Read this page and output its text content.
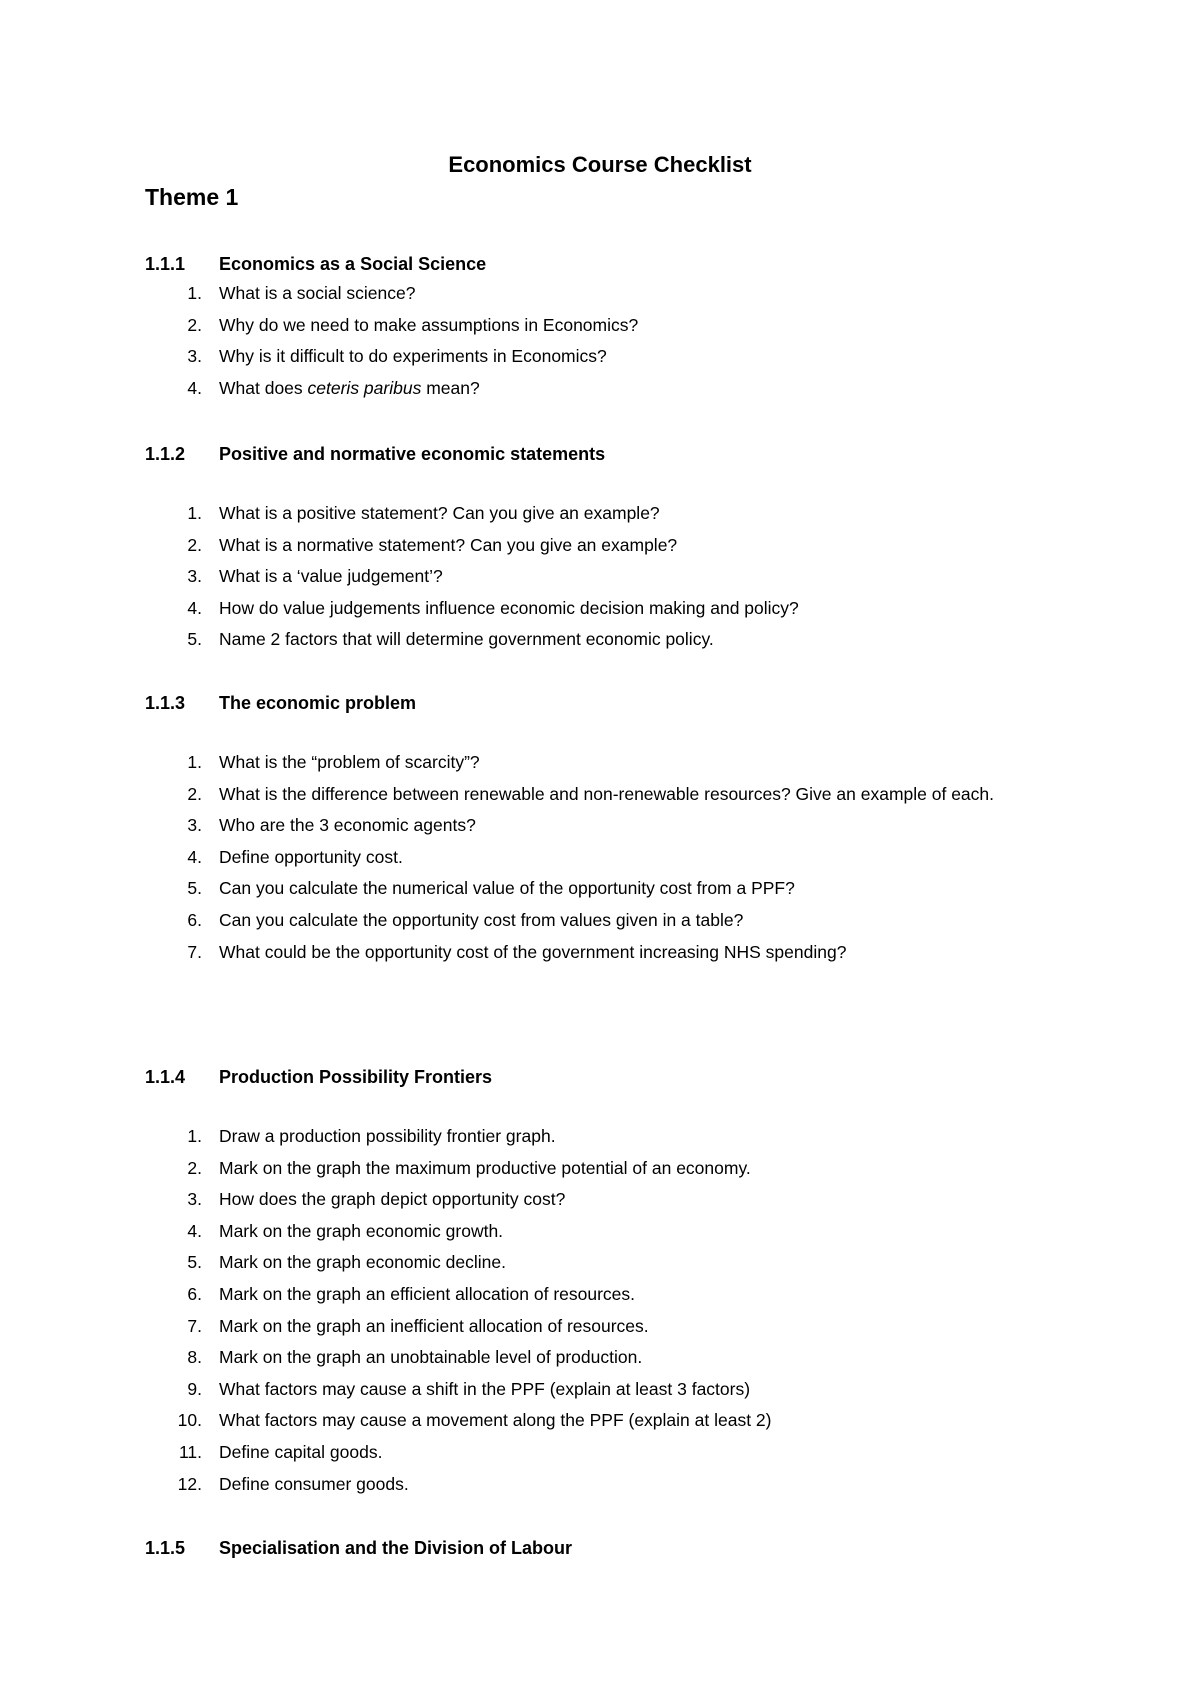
Economics Course Checklist
Theme 1
1.1.1 Economics as a Social Science
1. What is a social science?
2. Why do we need to make assumptions in Economics?
3. Why is it difficult to do experiments in Economics?
4. What does ceteris paribus mean?
1.1.2 Positive and normative economic statements
1. What is a positive statement? Can you give an example?
2. What is a normative statement? Can you give an example?
3. What is a ‘value judgement’?
4. How do value judgements influence economic decision making and policy?
5. Name 2 factors that will determine government economic policy.
1.1.3 The economic problem
1. What is the “problem of scarcity”?
2. What is the difference between renewable and non-renewable resources? Give an example of each.
3. Who are the 3 economic agents?
4. Define opportunity cost.
5. Can you calculate the numerical value of the opportunity cost from a PPF?
6. Can you calculate the opportunity cost from values given in a table?
7. What could be the opportunity cost of the government increasing NHS spending?
1.1.4 Production Possibility Frontiers
1. Draw a production possibility frontier graph.
2. Mark on the graph the maximum productive potential of an economy.
3. How does the graph depict opportunity cost?
4. Mark on the graph economic growth.
5. Mark on the graph economic decline.
6. Mark on the graph an efficient allocation of resources.
7. Mark on the graph an inefficient allocation of resources.
8. Mark on the graph an unobtainable level of production.
9. What factors may cause a shift in the PPF (explain at least 3 factors)
10. What factors may cause a movement along the PPF (explain at least 2)
11. Define capital goods.
12. Define consumer goods.
1.1.5 Specialisation and the Division of Labour
